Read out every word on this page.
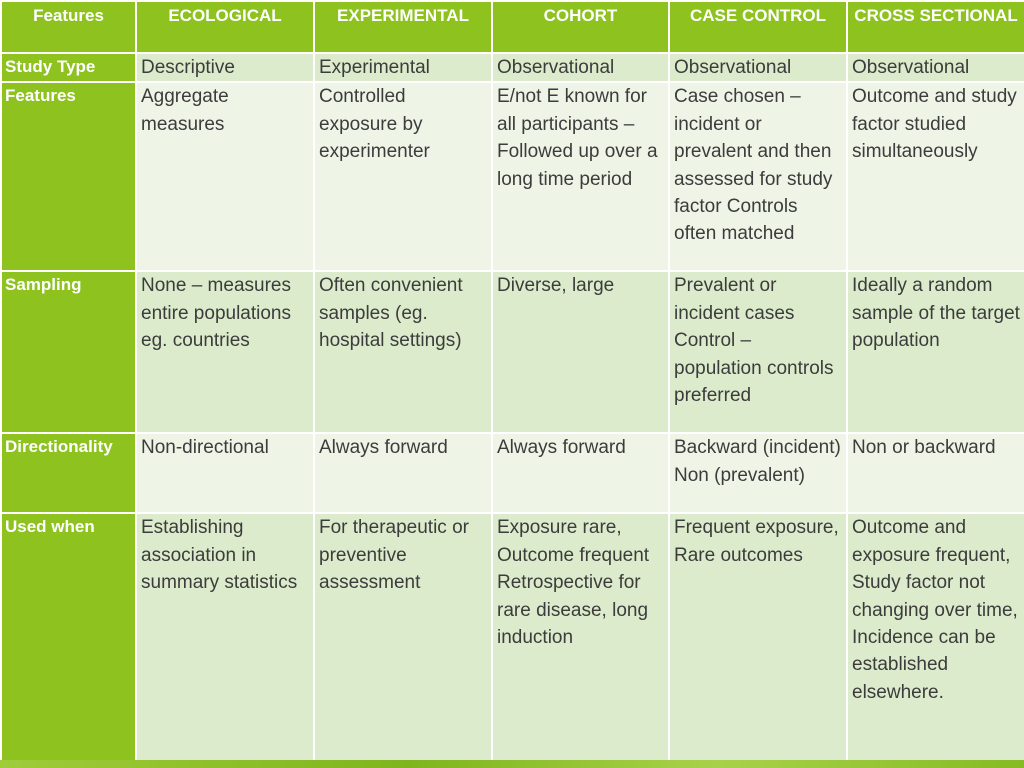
Features	ECOLOGICAL	EXPERIMENTAL	COHORT	CASE CONTROL	CROSS SECTIONAL
Study Type	Descriptive	Experimental	Observational	Observational	Observational
Features	Aggregate measures	Controlled exposure by experimenter	E/not E known for all participants – Followed up over a long time period	Case chosen – incident or prevalent and then assessed for study factor Controls often matched	Outcome and study factor studied simultaneously
Sampling	None – measures entire populations eg. countries	Often convenient samples (eg. hospital settings)	Diverse, large	Prevalent or incident cases Control – population controls preferred	Ideally a random sample of the target population
Directionality	Non-directional	Always forward	Always forward	Backward (incident) Non (prevalent)	Non or backward
Used when	Establishing association in summary statistics	For therapeutic or preventive assessment	Exposure rare, Outcome frequent Retrospective for rare disease, long induction	Frequent exposure, Rare outcomes	Outcome and exposure frequent, Study factor not changing over time, Incidence can be established elsewhere.
